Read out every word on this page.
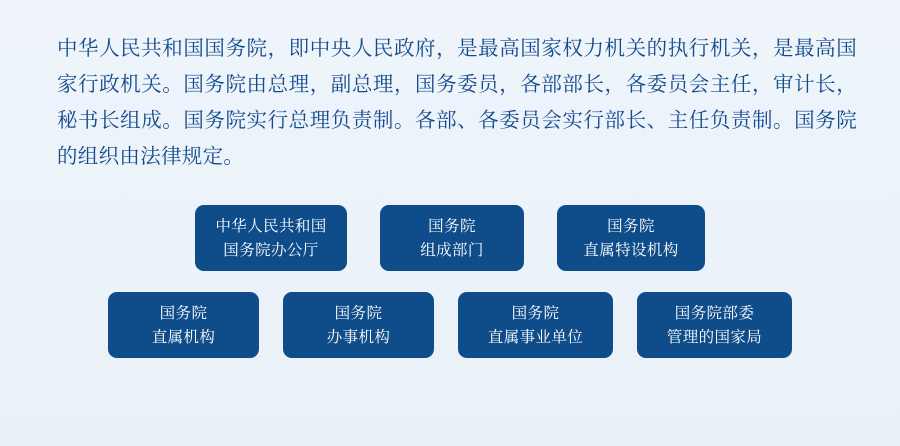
中华人民共和国国务院，即中央人民政府，是最高国家权力机关的执行机关，是最高国家行政机关。国务院由总理，副总理，国务委员，各部部长，各委员会主任，审计长，秘书长组成。国务院实行总理负责制。各部、各委员会实行部长、主任负责制。国务院的组织由法律规定。
中华人民共和国
国务院办公厅
国务院
组成部门
国务院
直属特设机构
国务院
直属机构
国务院
办事机构
国务院
直属事业单位
国务院部委
管理的国家局
